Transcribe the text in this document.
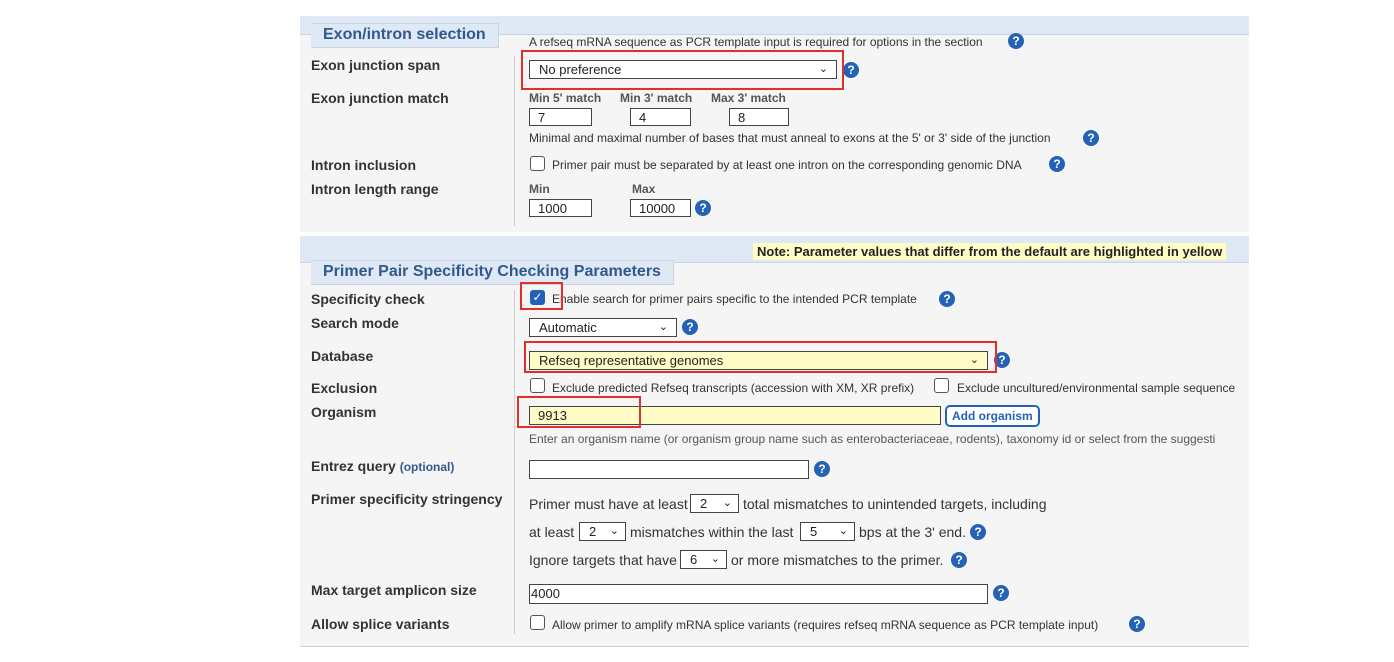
Exon/intron selection	A refseq mRNA sequence as PCR template input is required for options in the section	?
Exon junction span	No preference	⌄	?
Exon junction match	Min 5' match Min 3' match Max 3' match
7	4	8
Minimal and maximal number of bases that must anneal to exons at the 5' or 3' side of the junction	?
Intron inclusion	Primer pair must be separated by at least one intron on the corresponding genomic DNA	?
Intron length range	Min	Max
1000	10000	?
Note: Parameter values that differ from the default are highlighted in yellow
Primer Pair Specificity Checking Parameters
Specificity check	✓ Enable search for primer pairs specific to the intended PCR template	?
Search mode	Automatic	⌄	?
Database	Refseq representative genomes	⌄	?
Exclusion	Exclude predicted Refseq transcripts (accession with XM, XR prefix)	Exclude uncultured/environmental sample sequence
Organism	9913	Add organism
Enter an organism name (or organism group name such as enterobacteriaceae, rodents), taxonomy id or select from the suggesti
Entrez query (optional)	?
Primer specificity stringency Primer must have at least 2 ⌄ total mismatches to unintended targets, including
at least	2 ⌄ mismatches within the last	5 ⌄ bps at the 3' end. ?
Ignore targets that have	6 ⌄ or more mismatches to the primer. ?
Max target amplicon size	4000	?
Allow splice variants	Allow primer to amplify mRNA splice variants (requires refseq mRNA sequence as PCR template input)	?
